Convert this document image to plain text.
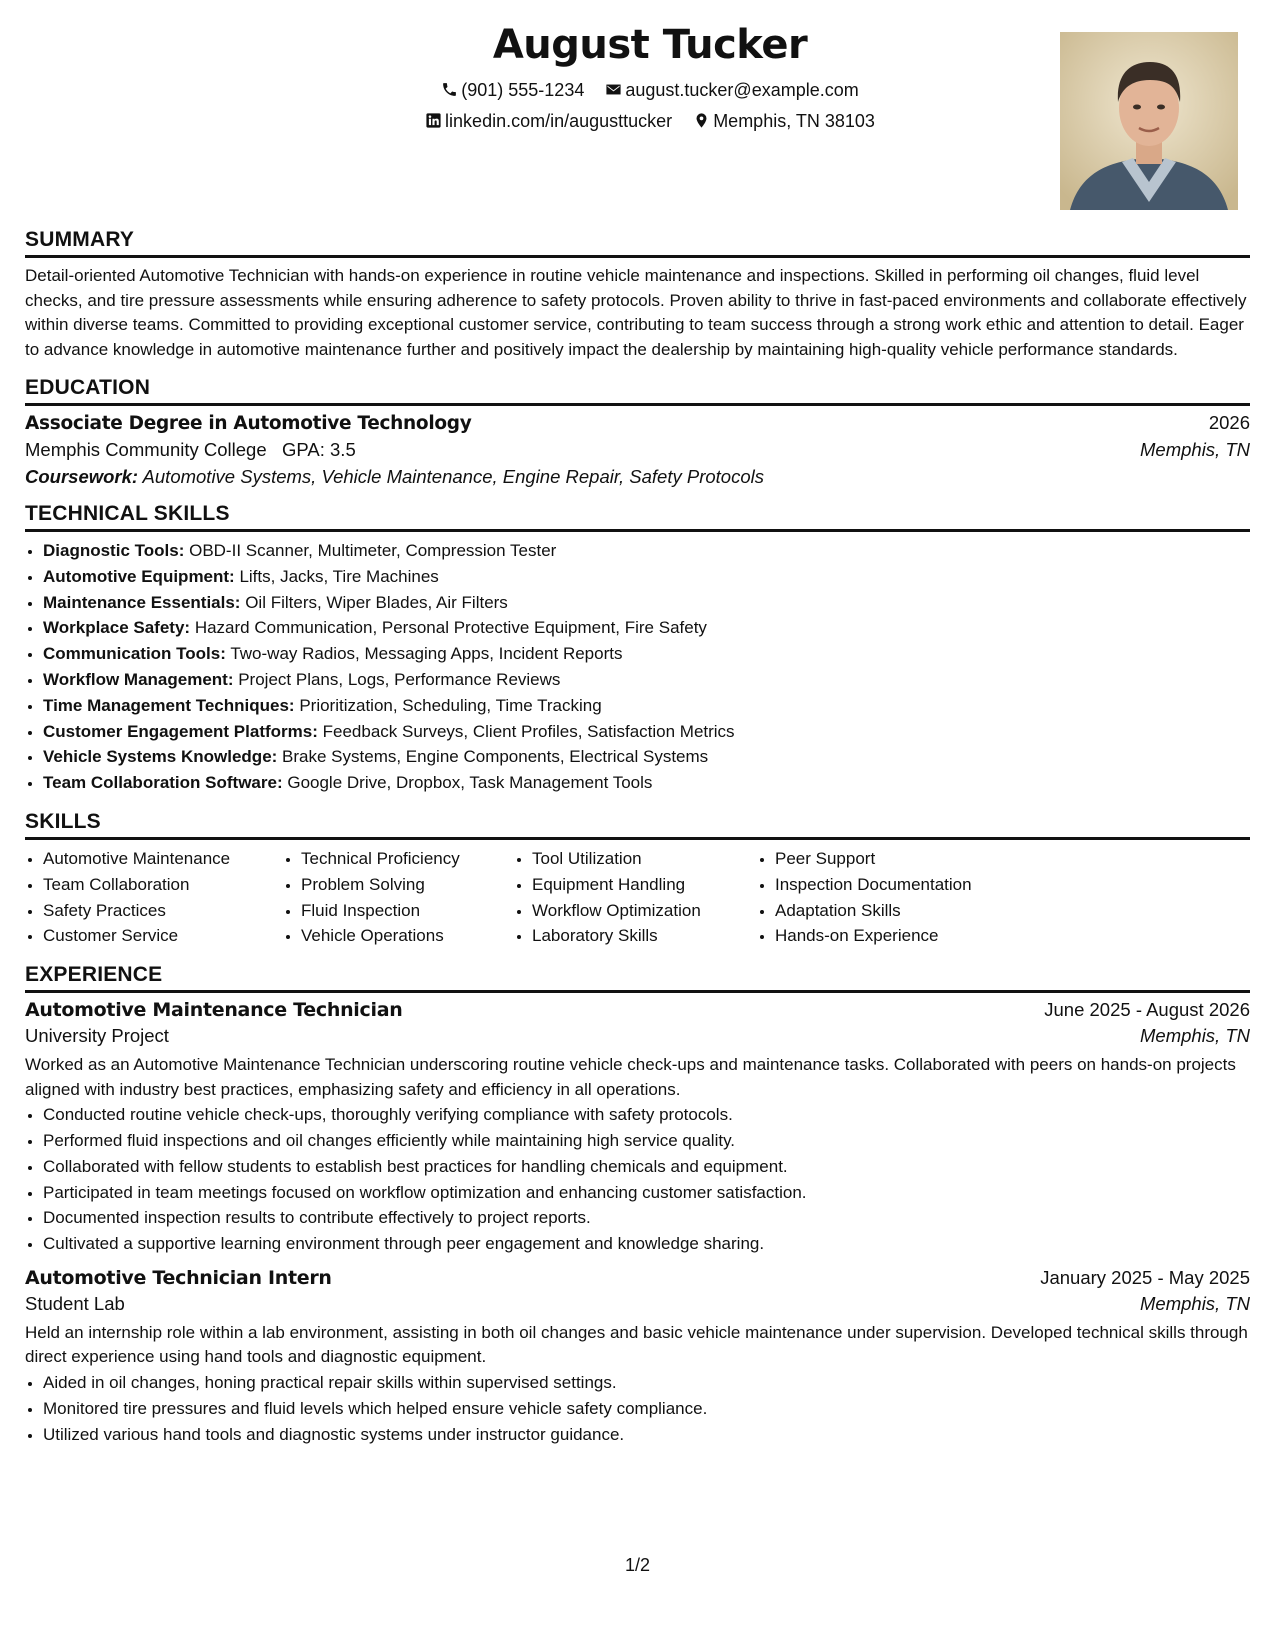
August Tucker
(901) 555-1234 august.tucker@example.com
linkedin.com/in/augusttucker Memphis, TN 38103
SUMMARY

Detail-oriented Automotive Technician with hands-on experience in routine vehicle maintenance and inspections. Skilled in performing oil changes, fluid level checks, and tire pressure assessments while ensuring adherence to safety protocols. Proven ability to thrive in fast-paced environments and collaborate effectively within diverse teams. Committed to providing exceptional customer service, contributing to team success through a strong work ethic and attention to detail. Eager to advance knowledge in automotive maintenance further and positively impact the dealership by maintaining high-quality vehicle performance standards.

EDUCATION
Associate Degree in Automotive Technology	2026
Memphis Community College GPA: 3.5	Memphis, TN
Coursework: Automotive Systems, Vehicle Maintenance, Engine Repair, Safety Protocols
TECHNICAL SKILLS
• Diagnostic Tools: OBD-II Scanner, Multimeter, Compression Tester
• Automotive Equipment: Lifts, Jacks, Tire Machines
• Maintenance Essentials: Oil Filters, Wiper Blades, Air Filters
• Workplace Safety: Hazard Communication, Personal Protective Equipment, Fire Safety
• Communication Tools: Two-way Radios, Messaging Apps, Incident Reports
• Workflow Management: Project Plans, Logs, Performance Reviews
• Time Management Techniques: Prioritization, Scheduling, Time Tracking
• Customer Engagement Platforms: Feedback Surveys, Client Profiles, Satisfaction Metrics
• Vehicle Systems Knowledge: Brake Systems, Engine Components, Electrical Systems
• Team Collaboration Software: Google Drive, Dropbox, Task Management Tools
SKILLS
• Automotive Maintenance
• Team Collaboration
• Safety Practices
• Customer Service
• Technical Proficiency
• Problem Solving
• Fluid Inspection
• Vehicle Operations
• Tool Utilization
• Equipment Handling
• Workflow Optimization
• Laboratory Skills
• Peer Support
• Inspection Documentation
• Adaptation Skills
• Hands-on Experience
EXPERIENCE
Automotive Maintenance Technician	June 2025 - August 2026
University Project	Memphis, TN

Worked as an Automotive Maintenance Technician underscoring routine vehicle check-ups and maintenance tasks. Collaborated with peers on hands-on projects aligned with industry best practices, emphasizing safety and efficiency in all operations.

• Conducted routine vehicle check-ups, thoroughly verifying compliance with safety protocols.
• Performed fluid inspections and oil changes efficiently while maintaining high service quality.
• Collaborated with fellow students to establish best practices for handling chemicals and equipment.
• Participated in team meetings focused on workflow optimization and enhancing customer satisfaction.
• Documented inspection results to contribute effectively to project reports.
• Cultivated a supportive learning environment through peer engagement and knowledge sharing.
Automotive Technician Intern	January 2025 - May 2025
Student Lab	Memphis, TN

Held an internship role within a lab environment, assisting in both oil changes and basic vehicle maintenance under supervision. Developed technical skills through direct experience using hand tools and diagnostic equipment.

• Aided in oil changes, honing practical repair skills within supervised settings.
• Monitored tire pressures and fluid levels which helped ensure vehicle safety compliance.
• Utilized various hand tools and diagnostic systems under instructor guidance.
1/2
